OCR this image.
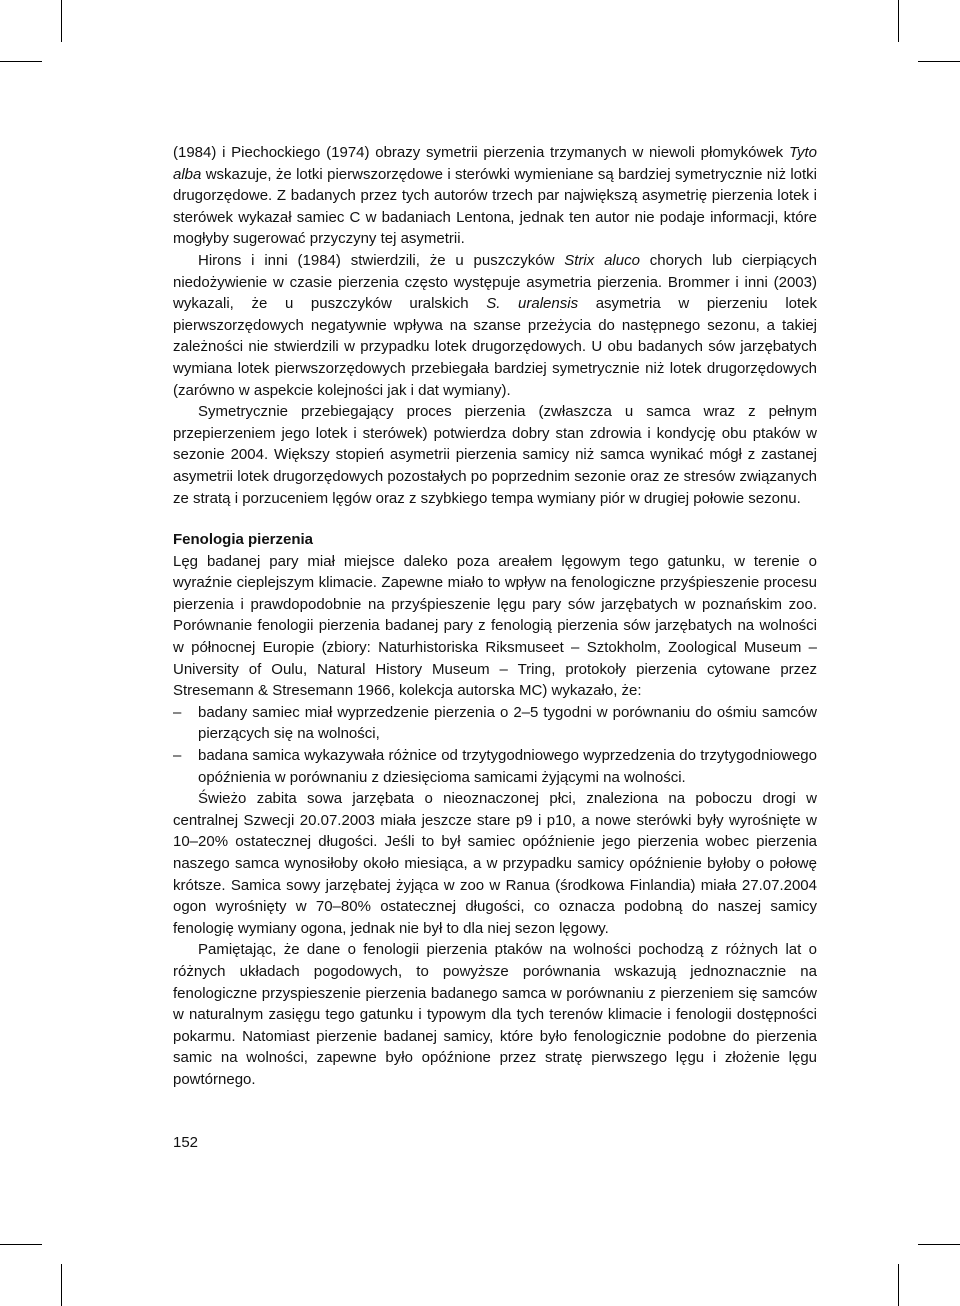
(1984) i Piechockiego (1974) obrazy symetrii pierzenia trzymanych w niewoli płomykówek Tyto alba wskazuje, że lotki pierwszorzędowe i sterówki wymieniane są bardziej symetrycznie niż lotki drugorzędowe. Z badanych przez tych autorów trzech par największą asymetrię pierzenia lotek i sterówek wykazał samiec C w badaniach Lentona, jednak ten autor nie podaje informacji, które mogłyby sugerować przyczyny tej asymetrii.

Hirons i inni (1984) stwierdzili, że u puszczyków Strix aluco chorych lub cierpiących niedożywienie w czasie pierzenia często występuje asymetria pierzenia. Brommer i inni (2003) wykazali, że u puszczyków uralskich S. uralensis asymetria w pierzeniu lotek pierwszorzędowych negatywnie wpływa na szanse przeżycia do następnego sezonu, a takiej zależności nie stwierdzili w przypadku lotek drugorzędowych. U obu badanych sów jarzębatych wymiana lotek pierwszorzędowych przebiegała bardziej symetrycznie niż lotek drugorzędowych (zarówno w aspekcie kolejności jak i dat wymiany).

Symetrycznie przebiegający proces pierzenia (zwłaszcza u samca wraz z pełnym przepierzeniem jego lotek i sterówek) potwierdza dobry stan zdrowia i kondycję obu ptaków w sezonie 2004. Większy stopień asymetrii pierzenia samicy niż samca wynikać mógł z zastanej asymetrii lotek drugorzędowych pozostałych po poprzednim sezonie oraz ze stresów związanych ze stratą i porzuceniem lęgów oraz z szybkiego tempa wymiany piór w drugiej połowie sezonu.

Fenologia pierzenia

Lęg badanej pary miał miejsce daleko poza areałem lęgowym tego gatunku, w terenie o wyraźnie cieplejszym klimacie. Zapewne miało to wpływ na fenologiczne przyśpieszenie procesu pierzenia i prawdopodobnie na przyśpieszenie lęgu pary sów jarzębatych w poznańskim zoo. Porównanie fenologii pierzenia badanej pary z fenologią pierzenia sów jarzębatych na wolności w północnej Europie (zbiory: Naturhistoriska Riksmuseet – Sztokholm, Zoological Museum – University of Oulu, Natural History Museum – Tring, protokoły pierzenia cytowane przez Stresemann & Stresemann 1966, kolekcja autorska MC) wykazało, że:

– badany samiec miał wyprzedzenie pierzenia o 2–5 tygodni w porównaniu do ośmiu samców pierzących się na wolności,

– badana samica wykazywała różnice od trzytygodniowego wyprzedzenia do trzytygodniowego opóźnienia w porównaniu z dziesięcioma samicami żyjącymi na wolności.

Świeżo zabita sowa jarzębata o nieoznaczonej płci, znaleziona na poboczu drogi w centralnej Szwecji 20.07.2003 miała jeszcze stare p9 i p10, a nowe sterówki były wyrośnięte w 10–20% ostatecznej długości. Jeśli to był samiec opóźnienie jego pierzenia wobec pierzenia naszego samca wynosiłoby około miesiąca, a w przypadku samicy opóźnienie byłoby o połowę krótsze. Samica sowy jarzębatej żyjąca w zoo w Ranua (środkowa Finlandia) miała 27.07.2004 ogon wyrośnięty w 70–80% ostatecznej długości, co oznacza podobną do naszej samicy fenologię wymiany ogona, jednak nie był to dla niej sezon lęgowy.

Pamiętając, że dane o fenologii pierzenia ptaków na wolności pochodzą z różnych lat o różnych układach pogodowych, to powyższe porównania wskazują jednoznacznie na fenologiczne przyspieszenie pierzenia badanego samca w porównaniu z pierzeniem się samców w naturalnym zasięgu tego gatunku i typowym dla tych terenów klimacie i fenologii dostępności pokarmu. Natomiast pierzenie badanej samicy, które było fenologicznie podobne do pierzenia samic na wolności, zapewne było opóźnione przez stratę pierwszego lęgu i złożenie lęgu powtórnego.

152
